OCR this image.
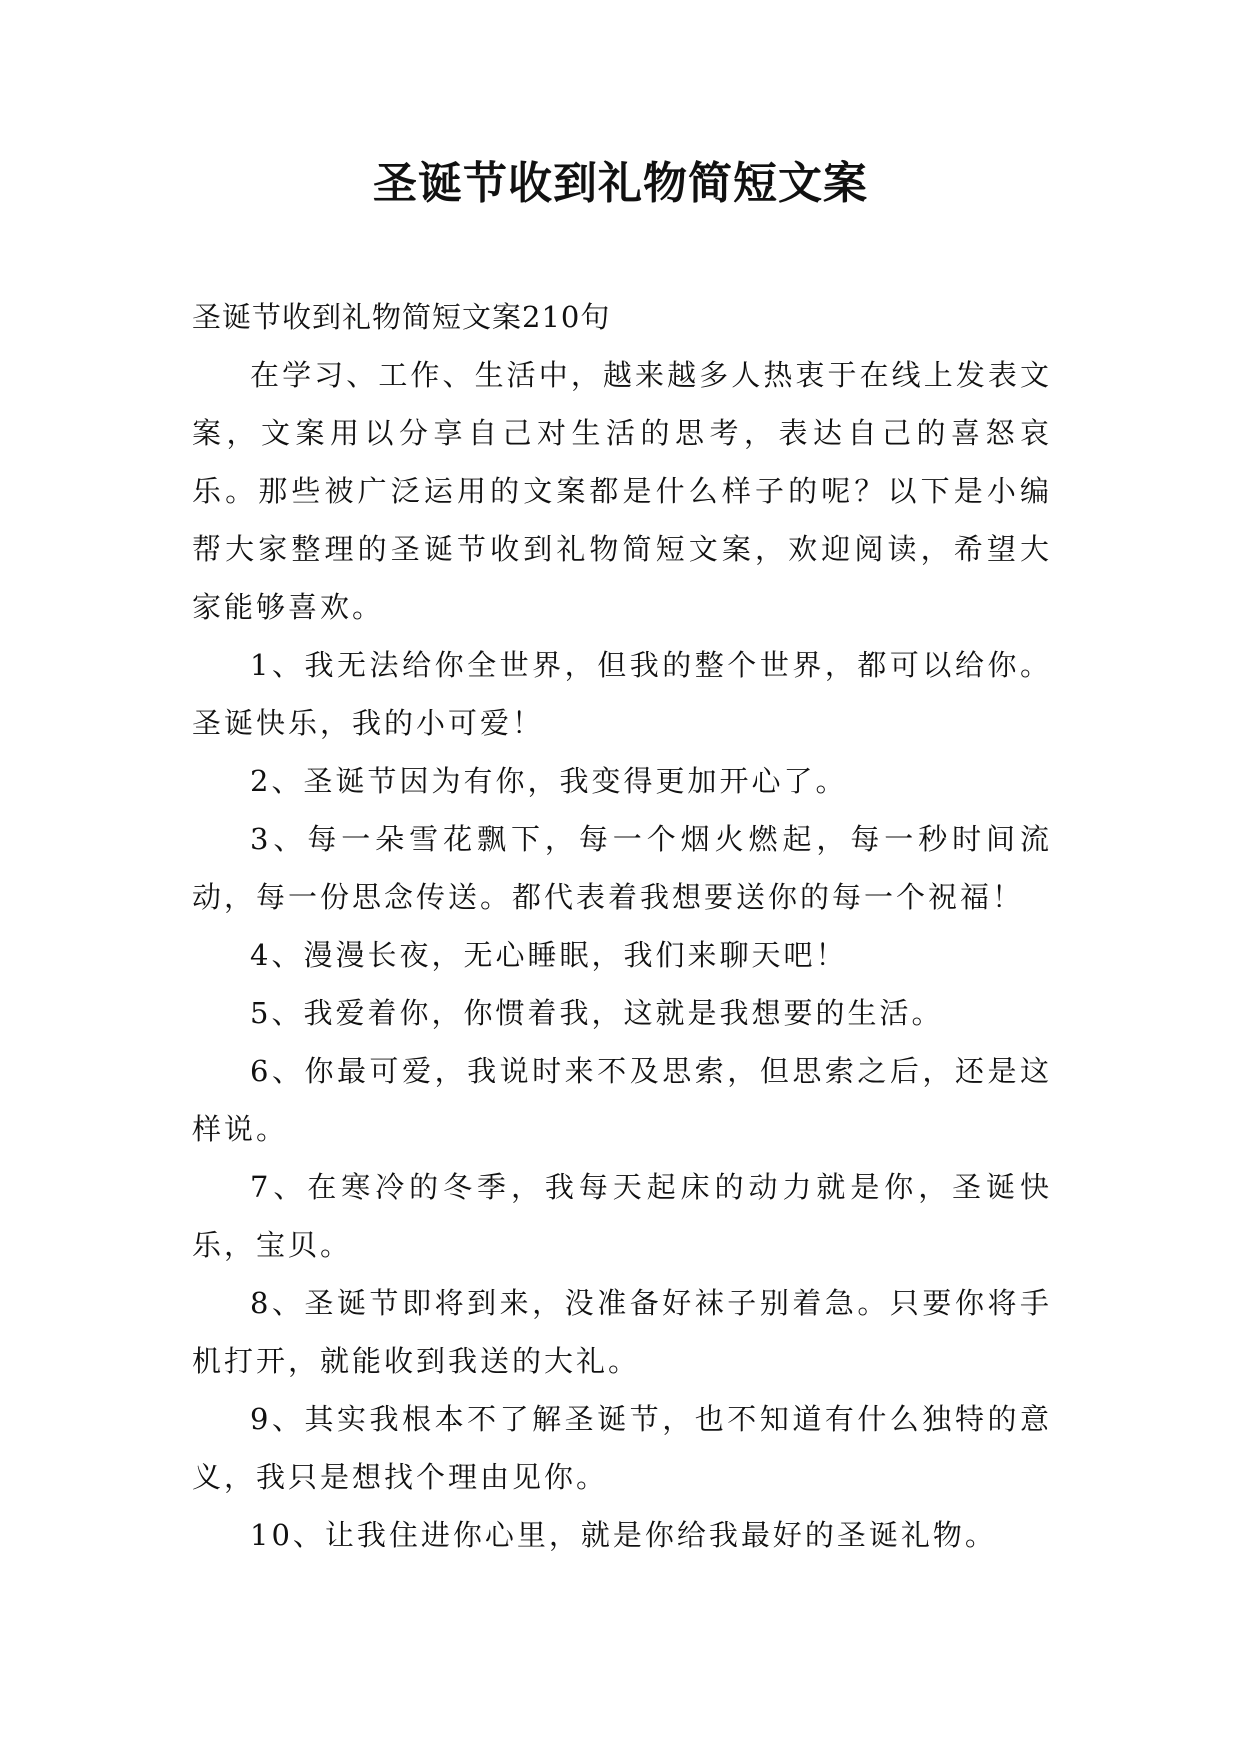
圣诞节收到礼物简短文案

圣诞节收到礼物简短文案210句

在学习、工作、生活中，越来越多人热衷于在线上发表文案，文案用以分享自己对生活的思考，表达自己的喜怒哀乐。那些被广泛运用的文案都是什么样子的呢？以下是小编帮大家整理的圣诞节收到礼物简短文案，欢迎阅读，希望大家能够喜欢。

1、我无法给你全世界，但我的整个世界，都可以给你。圣诞快乐，我的小可爱！

2、圣诞节因为有你，我变得更加开心了。

3、每一朵雪花飘下，每一个烟火燃起，每一秒时间流动，每一份思念传送。都代表着我想要送你的每一个祝福！

4、漫漫长夜，无心睡眠，我们来聊天吧！

5、我爱着你，你惯着我，这就是我想要的生活。

6、你最可爱，我说时来不及思索，但思索之后，还是这样说。

7、在寒冷的冬季，我每天起床的动力就是你，圣诞快乐，宝贝。

8、圣诞节即将到来，没准备好袜子别着急。只要你将手机打开，就能收到我送的大礼。

9、其实我根本不了解圣诞节，也不知道有什么独特的意义，我只是想找个理由见你。

10、让我住进你心里，就是你给我最好的圣诞礼物。
